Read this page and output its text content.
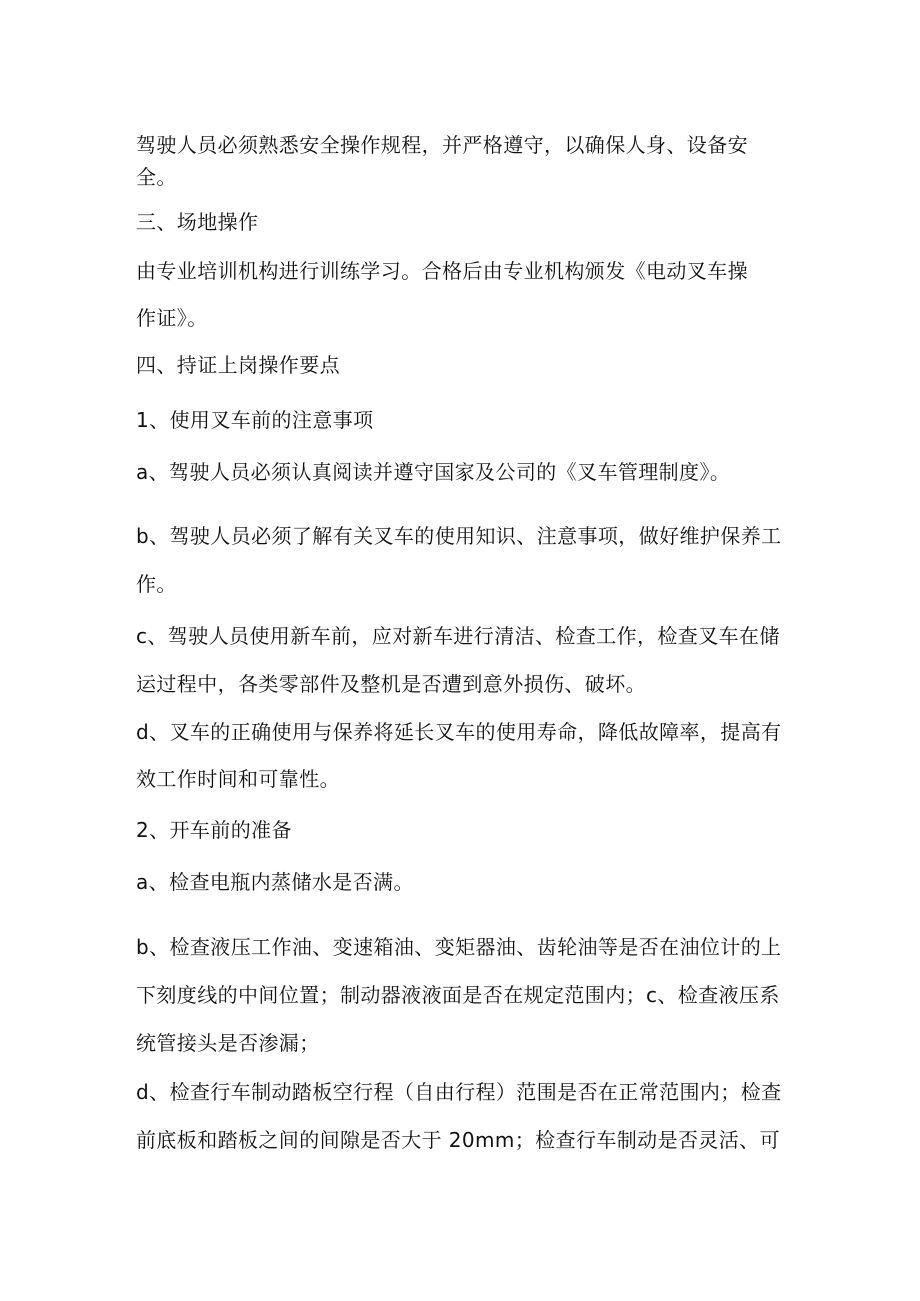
驾驶人员必须熟悉安全操作规程，并严格遵守，以确保人身、设备安
全。
三、场地操作
由专业培训机构进行训练学习。合格后由专业机构颁发《电动叉车操
作证》。
四、持证上岗操作要点
1、使用叉车前的注意事项
a、驾驶人员必须认真阅读并遵守国家及公司的《叉车管理制度》。
b、驾驶人员必须了解有关叉车的使用知识、注意事项，做好维护保养工
作。
c、驾驶人员使用新车前，应对新车进行清洁、检查工作，检查叉车在储
运过程中，各类零部件及整机是否遭到意外损伤、破坏。
d、叉车的正确使用与保养将延长叉车的使用寿命，降低故障率，提高有
效工作时间和可靠性。
2、开车前的准备
a、检查电瓶内蒸储水是否满。
b、检查液压工作油、变速箱油、变矩器油、齿轮油等是否在油位计的上
下刻度线的中间位置；制动器液液面是否在规定范围内；c、检查液压系
统管接头是否渗漏；
d、检查行车制动踏板空行程（自由行程）范围是否在正常范围内；检查
前底板和踏板之间的间隙是否大于 20mm；检查行车制动是否灵活、可
